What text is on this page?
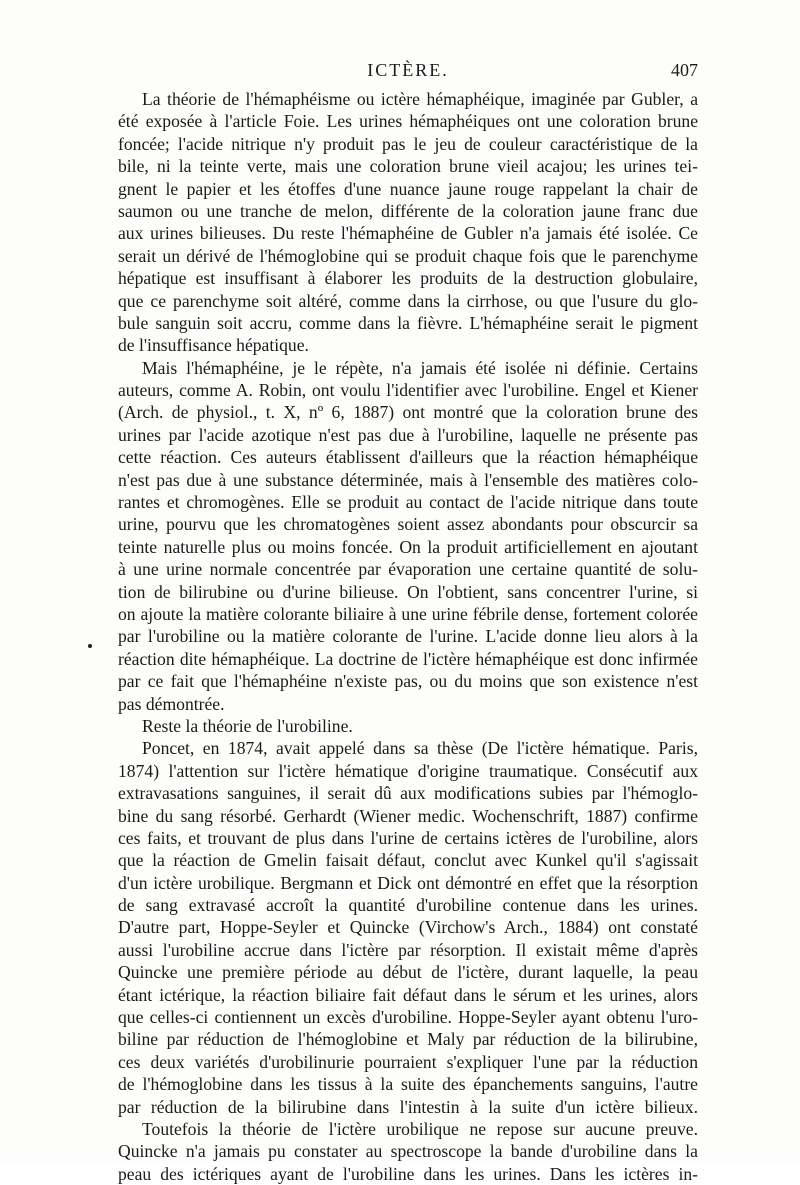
ICTÈRE.	407
La théorie de l'hémaphéisme ou ictère hémaphéique, imaginée par Gubler, a
été exposée à l'article Foie. Les urines hémaphéiques ont une coloration brune
foncée; l'acide nitrique n'y produit pas le jeu de couleur caractéristique de la
bile, ni la teinte verte, mais une coloration brune vieil acajou; les urines tei-
gnent le papier et les étoffes d'une nuance jaune rouge rappelant la chair de
saumon ou une tranche de melon, différente de la coloration jaune franc due
aux urines bilieuses. Du reste l'hémaphéine de Gubler n'a jamais été isolée. Ce
serait un dérivé de l'hémoglobine qui se produit chaque fois que le parenchyme
hépatique est insuffisant à élaborer les produits de la destruction globulaire,
que ce parenchyme soit altéré, comme dans la cirrhose, ou que l'usure du glo-
bule sanguin soit accru, comme dans la fièvre. L'hémaphéine serait le pigment
de l'insuffisance hépatique.
Mais l'hémaphéine, je le répète, n'a jamais été isolée ni définie. Certains
auteurs, comme A. Robin, ont voulu l'identifier avec l'urobiline. Engel et Kiener
(Arch. de physiol., t. X, nº 6, 1887) ont montré que la coloration brune des
urines par l'acide azotique n'est pas due à l'urobiline, laquelle ne présente pas
cette réaction. Ces auteurs établissent d'ailleurs que la réaction hémaphéique
n'est pas due à une substance déterminée, mais à l'ensemble des matières colo-
rantes et chromogènes. Elle se produit au contact de l'acide nitrique dans toute
urine, pourvu que les chromatogènes soient assez abondants pour obscurcir sa
teinte naturelle plus ou moins foncée. On la produit artificiellement en ajoutant
à une urine normale concentrée par évaporation une certaine quantité de solu-
tion de bilirubine ou d'urine bilieuse. On l'obtient, sans concentrer l'urine, si
on ajoute la matière colorante biliaire à une urine fébrile dense, fortement colorée
par l'urobiline ou la matière colorante de l'urine. L'acide donne lieu alors à la
réaction dite hémaphéique. La doctrine de l'ictère hémaphéique est donc infirmée
par ce fait que l'hémaphéine n'existe pas, ou du moins que son existence n'est
pas démontrée.
Reste la théorie de l'urobiline.
Poncet, en 1874, avait appelé dans sa thèse (De l'ictère hématique. Paris,
1874) l'attention sur l'ictère hématique d'origine traumatique. Consécutif aux
extravasations sanguines, il serait dû aux modifications subies par l'hémoglo-
bine du sang résorbé. Gerhardt (Wiener medic. Wochenschrift, 1887) confirme
ces faits, et trouvant de plus dans l'urine de certains ictères de l'urobiline, alors
que la réaction de Gmelin faisait défaut, conclut avec Kunkel qu'il s'agissait
d'un ictère urobilique. Bergmann et Dick ont démontré en effet que la résorption
de sang extravasé accroît la quantité d'urobiline contenue dans les urines.
D'autre part, Hoppe-Seyler et Quincke (Virchow's Arch., 1884) ont constaté
aussi l'urobiline accrue dans l'ictère par résorption. Il existait même d'après
Quincke une première période au début de l'ictère, durant laquelle, la peau
étant ictérique, la réaction biliaire fait défaut dans le sérum et les urines, alors
que celles-ci contiennent un excès d'urobiline. Hoppe-Seyler ayant obtenu l'uro-
biline par réduction de l'hémoglobine et Maly par réduction de la bilirubine,
ces deux variétés d'urobilinurie pourraient s'expliquer l'une par la réduction
de l'hémoglobine dans les tissus à la suite des épanchements sanguins, l'autre
par réduction de la bilirubine dans l'intestin à la suite d'un ictère bilieux.
Toutefois la théorie de l'ictère urobilique ne repose sur aucune preuve.
Quincke n'a jamais pu constater au spectroscope la bande d'urobiline dans la
peau des ictériques ayant de l'urobiline dans les urines. Dans les ictères in-
